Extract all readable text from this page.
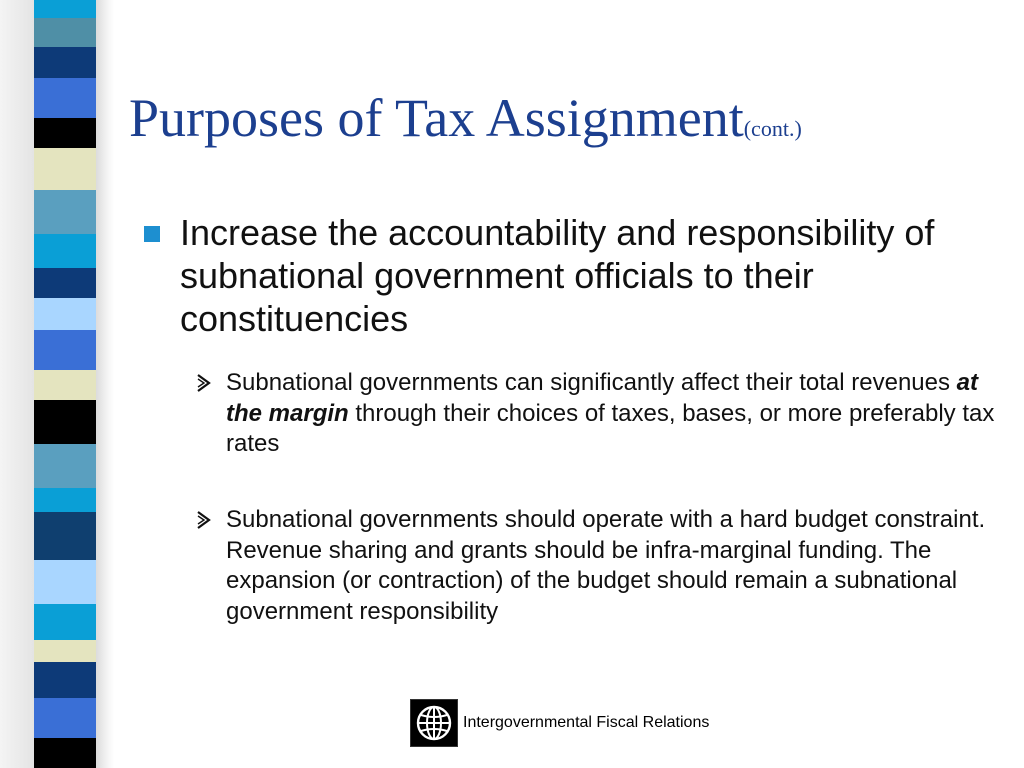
Purposes of Tax Assignment(cont.)

Increase the accountability and responsibility of subnational government officials to their constituencies

Subnational governments can significantly affect their total revenues at the margin through their choices of taxes, bases, or more preferably tax rates

Subnational governments should operate with a hard budget constraint. Revenue sharing and grants should be infra-marginal funding. The expansion (or contraction) of the budget should remain a subnational government responsibility

Intergovernmental Fiscal Relations
